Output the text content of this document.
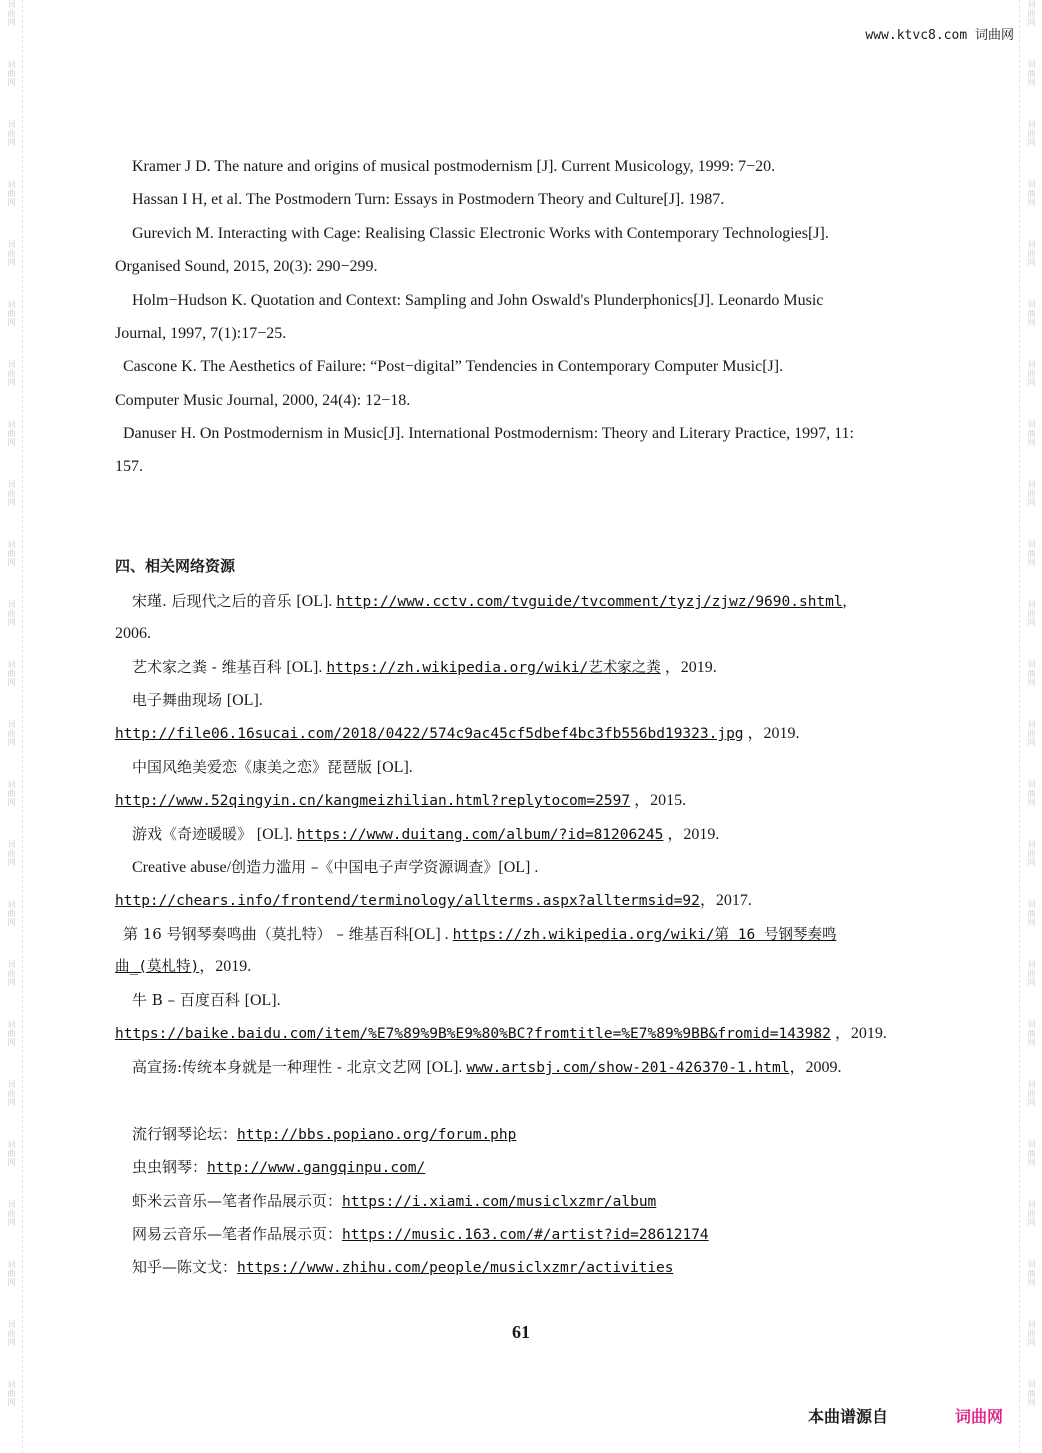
词曲网
词曲网
词曲网
词曲网
词曲网
词曲网
词曲网
词曲网
词曲网
词曲网
词曲网
词曲网
词曲网
词曲网
词曲网
词曲网
词曲网
词曲网
词曲网
词曲网
词曲网
词曲网
词曲网
词曲网
词曲网
词曲网
词曲网
词曲网
词曲网
词曲网
词曲网
词曲网
词曲网
词曲网
词曲网
词曲网
词曲网
词曲网
词曲网
词曲网
词曲网
词曲网
词曲网
词曲网
词曲网
词曲网
词曲网
词曲网
www.ktvc8.com 词曲网
Kramer J D. The nature and origins of musical postmodernism [J]. Current Musicology, 1999: 7−20.
Hassan I H, et al. The Postmodern Turn: Essays in Postmodern Theory and Culture[J]. 1987.
Gurevich M. Interacting with Cage: Realising Classic Electronic Works with Contemporary Technologies[J].
Organised Sound, 2015, 20(3): 290−299.
Holm−Hudson K. Quotation and Context: Sampling and John Oswald's Plunderphonics[J]. Leonardo Music
Journal, 1997, 7(1):17−25.
Cascone K. The Aesthetics of Failure: “Post−digital” Tendencies in Contemporary Computer Music[J].
Computer Music Journal, 2000, 24(4): 12−18.
Danuser H. On Postmodernism in Music[J]. International Postmodernism: Theory and Literary Practice, 1997, 11:
157.
四、相关网络资源
宋瑾. 后现代之后的音乐 [OL]. http://www.cctv.com/tvguide/tvcomment/tyzj/zjwz/9690.shtml,
2006.
艺术家之粪 - 维基百科 [OL]. https://zh.wikipedia.org/wiki/艺术家之粪 ，2019.
电子舞曲现场 [OL].
http://file06.16sucai.com/2018/0422/574c9ac45cf5dbef4bc3fb556bd19323.jpg ，2019.
中国风绝美爱恋《康美之恋》琵琶版 [OL].
http://www.52qingyin.cn/kangmeizhilian.html?replytocom=2597 ，2015.
游戏《奇迹暖暖》 [OL]. https://www.duitang.com/album/?id=81206245 ，2019.
Creative abuse/创造力滥用 –《中国电子声学资源调查》[OL] .
http://chears.info/frontend/terminology/allterms.aspx?alltermsid=92，2017.
第 16 号钢琴奏鸣曲（莫扎特） – 维基百科[OL] . https://zh.wikipedia.org/wiki/第 16 号钢琴奏鸣
曲_(莫札特)，2019.
牛 B – 百度百科 [OL].
https://baike.baidu.com/item/%E7%89%9B%E9%80%BC?fromtitle=%E7%89%9BB&fromid=143982 ，2019.
高宣扬:传统本身就是一种理性 - 北京文艺网 [OL]. www.artsbj.com/show-201-426370-1.html，2009.
流行钢琴论坛：http://bbs.popiano.org/forum.php
虫虫钢琴：http://www.gangqinpu.com/
虾米云音乐—笔者作品展示页：https://i.xiami.com/musiclxzmr/album
网易云音乐—笔者作品展示页：https://music.163.com/#/artist?id=28612174
知乎—陈文戈：https://www.zhihu.com/people/musiclxzmr/activities
61
本曲谱源自	词曲网
